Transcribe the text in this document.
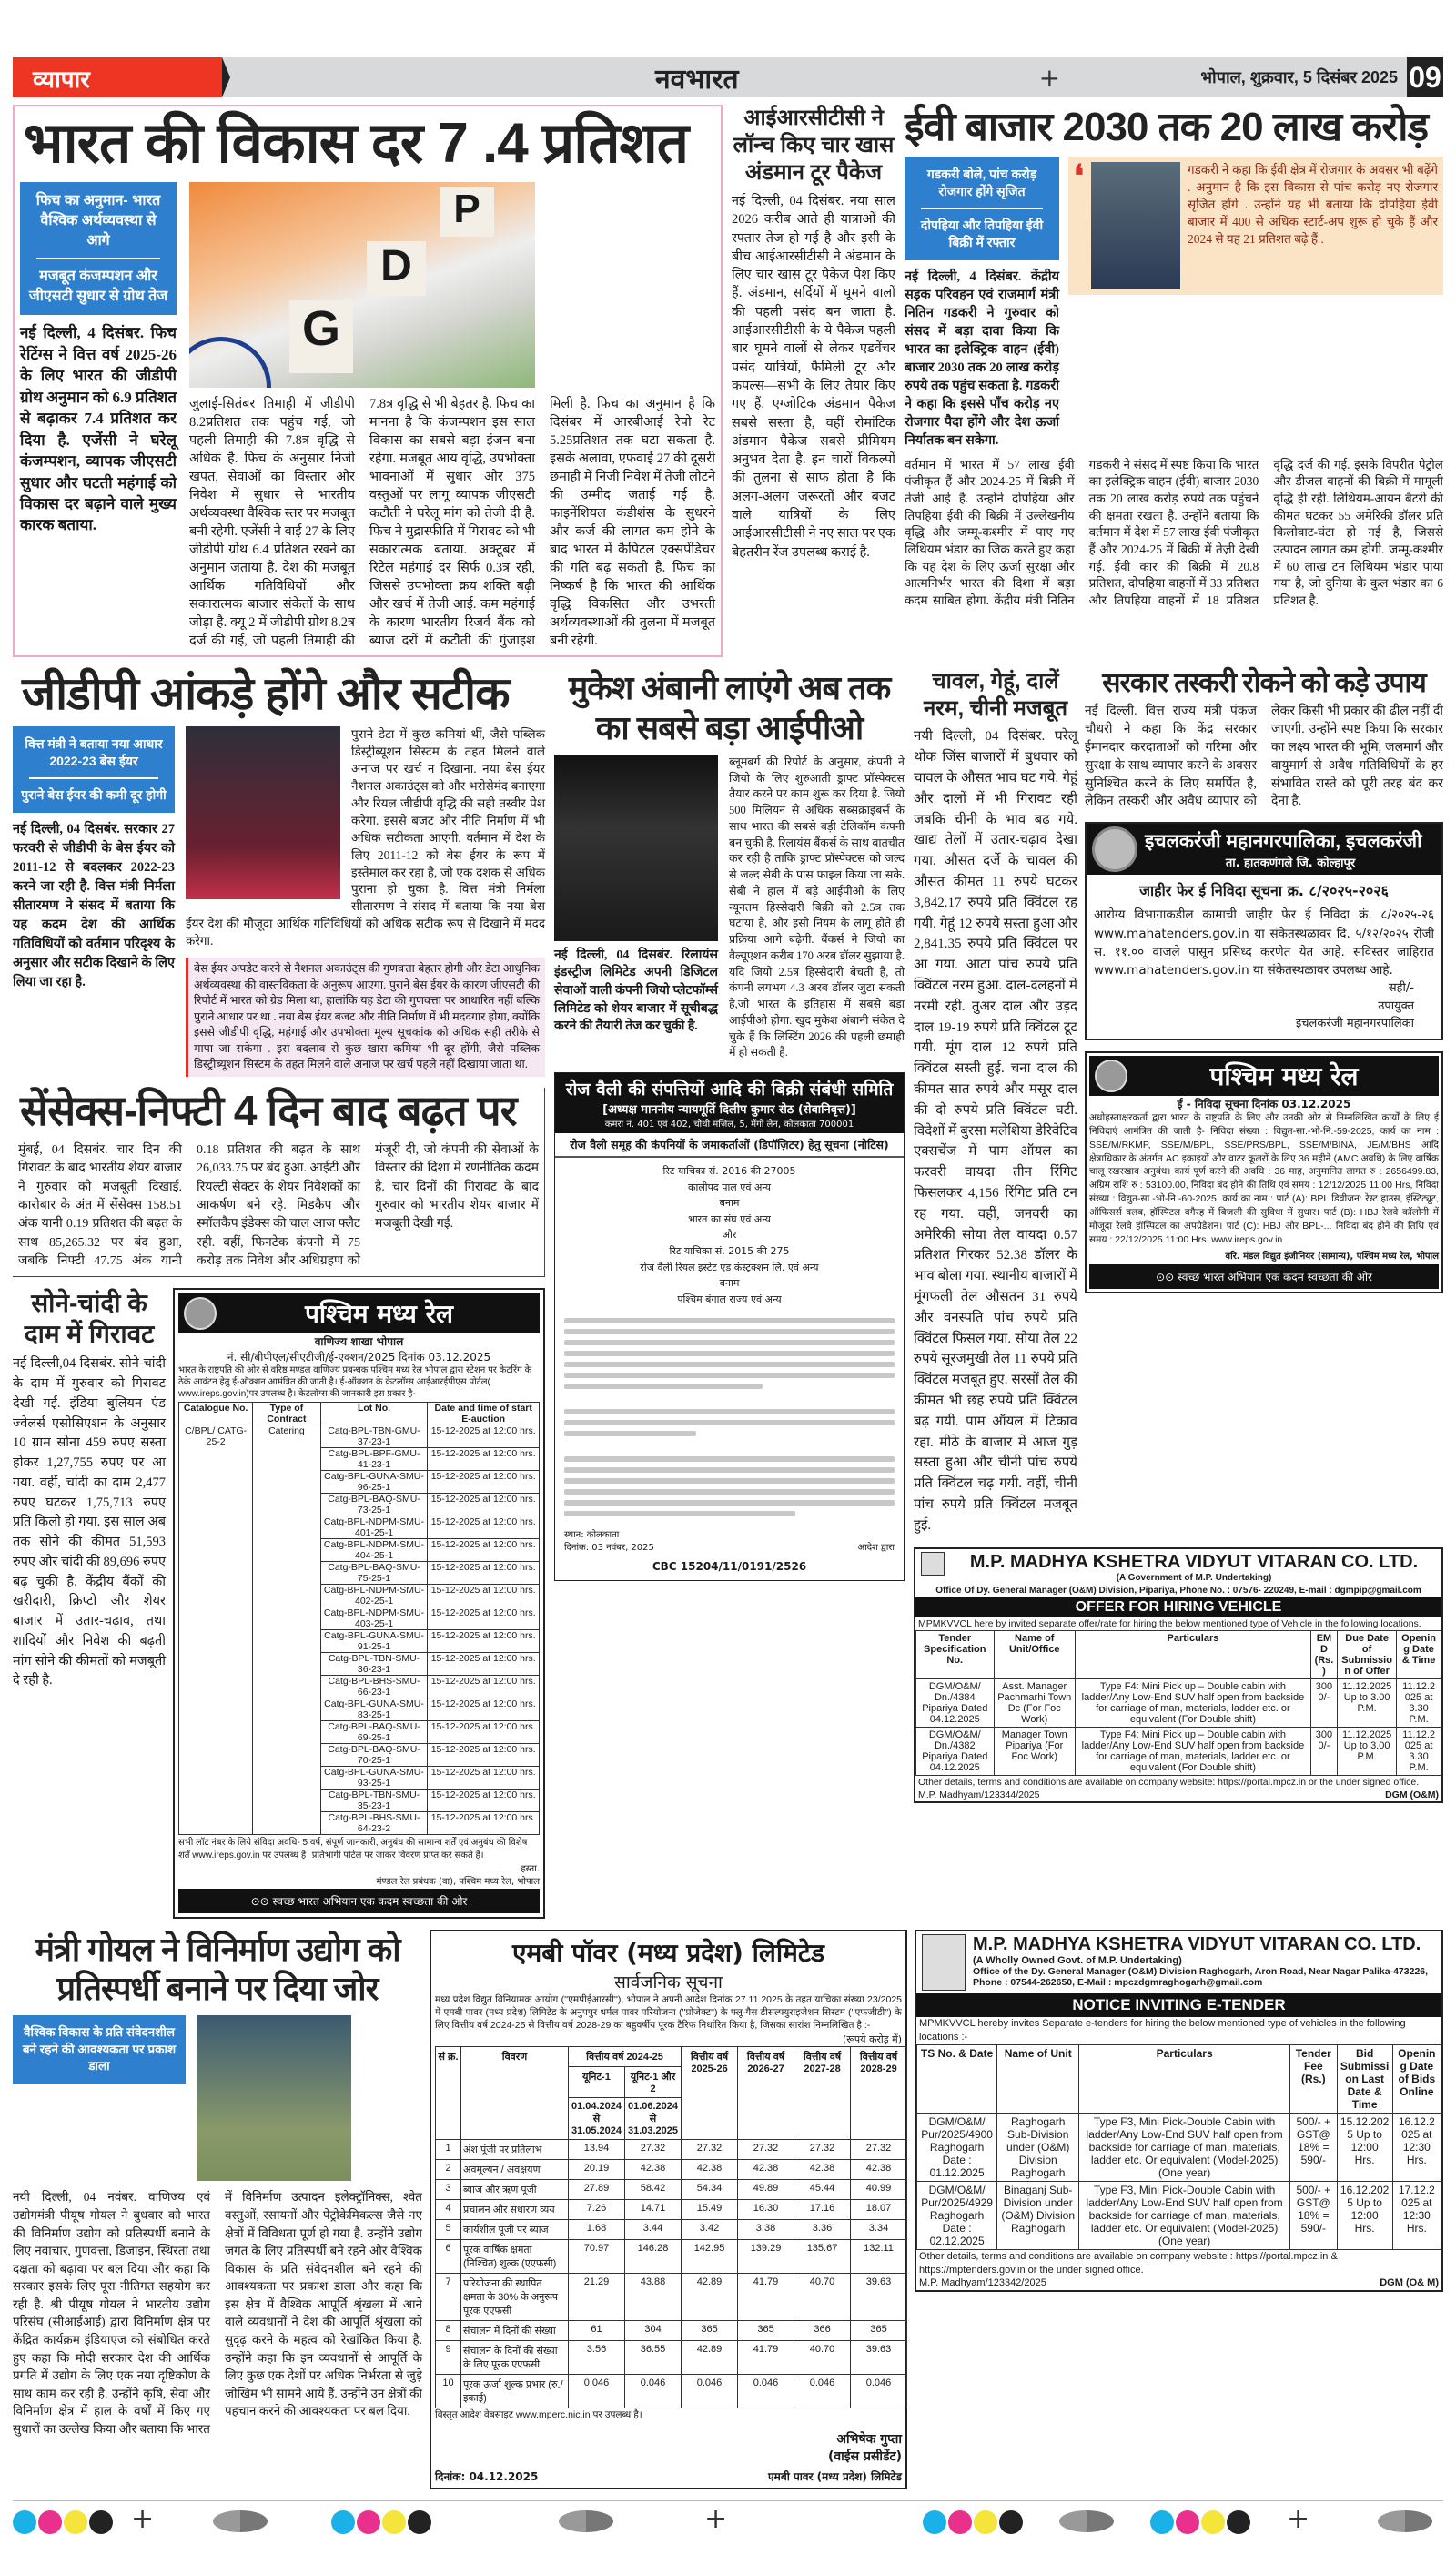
व्यापार	नवभारत	+	भोपाल, शुक्रवार, 5 दिसंबर 2025 09
भारत की विकास दर 7 .4 प्रतिशत
फिच का अनुमान- भारत वैश्विक अर्थव्यवस्था से आगे
मजबूत कंजम्पशन और जीएसटी सुधार से ग्रोथ तेज
नई दिल्ली, 4 दिसंबर. फिच रेटिंग्स ने वित्त वर्ष 2025-26 के लिए भारत की जीडीपी ग्रोथ अनुमान को 6.9 प्रतिशत से बढ़ाकर 7.4 प्रतिशत कर दिया है. एजेंसी ने घरेलू कंजम्पशन, व्यापक जीएसटी सुधार और घटती महंगाई को विकास दर बढ़ाने वाले मुख्य कारक बताया.
G
D
P
जुलाई-सितंबर तिमाही में जीडीपी 8.2प्रतिशत तक पहुंच गई, जो पहली तिमाही की 7.8त्र वृद्धि से अधिक है. फिच के अनुसार निजी खपत, सेवाओं का विस्तार और निवेश में सुधार से भारतीय अर्थव्यवस्था वैश्विक स्तर पर मजबूत बनी रहेगी. एजेंसी ने वाई 27 के लिए जीडीपी ग्रोथ 6.4 प्रतिशत रखने का अनुमान जताया है. देश की मजबूत आर्थिक गतिविधियों और सकारात्मक बाजार संकेतों के साथ जोड़ा है. क्यू 2 में जीडीपी ग्रोथ 8.2त्र दर्ज की गई, जो पहली तिमाही की 7.8त्र वृद्धि से भी बेहतर है. फिच का मानना है कि कंजम्पशन इस साल विकास का सबसे बड़ा इंजन बना रहेगा. मजबूत आय वृद्धि, उपभोक्ता भावनाओं में सुधार और 375 वस्तुओं पर लागू व्यापक जीएसटी कटौती ने घरेलू मांग को तेजी दी है. फिच ने मुद्रास्फीति में गिरावट को भी सकारात्मक बताया. अक्टूबर में रिटेल महंगाई दर सिर्फ 0.3त्र रही, जिससे उपभोक्ता क्रय शक्ति बढ़ी और खर्च में तेजी आई. कम महंगाई के कारण भारतीय रिजर्व बैंक को ब्याज दरों में कटौती की गुंजाइश मिली है. फिच का अनुमान है कि दिसंबर में आरबीआई रेपो रेट 5.25प्रतिशत तक घटा सकता है. इसके अलावा, एफवाई 27 की दूसरी छमाही में निजी निवेश में तेजी लौटने की उम्मीद जताई गई है. फाइनेंशियल कंडीशंस के सुधरने और कर्ज की लागत कम होने के बाद भारत में कैपिटल एक्सपेंडिचर की गति बढ़ सकती है. फिच का निष्कर्ष है कि भारत की आर्थिक वृद्धि विकसित और उभरती अर्थव्यवस्थाओं की तुलना में मजबूत बनी रहेगी.
आईआरसीटीसी ने लॉन्च किए चार खास अंडमान टूर पैकेज
नई दिल्ली, 04 दिसंबर. नया साल 2026 करीब आते ही यात्राओं की रफ्तार तेज हो गई है और इसी के बीच आईआरसीटीसी ने अंडमान के लिए चार खास टूर पैकेज पेश किए हैं. अंडमान, सर्दियों में घूमने वालों की पहली पसंद बन जाता है. आईआरसीटीसी के ये पैकेज पहली बार घूमने वालों से लेकर एडवेंचर पसंद यात्रियों, फैमिली टूर और कपल्स—सभी के लिए तैयार किए गए हैं. एग्जोटिक अंडमान पैकेज सबसे सस्ता है, वहीं रोमांटिक अंडमान पैकेज सबसे प्रीमियम अनुभव देता है. इन चारों विकल्पों की तुलना से साफ होता है कि अलग-अलग जरूरतों और बजट वाले यात्रियों के लिए आईआरसीटीसी ने नए साल पर एक बेहतरीन रेंज उपलब्ध कराई है.
ईवी बाजार 2030 तक 20 लाख करोड़
गडकरी बोले, पांच करोड़ रोजगार होंगे सृजित
दोपहिया और तिपहिया ईवी बिक्री में रफ्तार
नई दिल्ली, 4 दिसंबर. केंद्रीय सड़क परिवहन एवं राजमार्ग मंत्री नितिन गडकरी ने गुरुवार को संसद में बड़ा दावा किया कि भारत का इलेक्ट्रिक वाहन (ईवी) बाजार 2030 तक 20 लाख करोड़ रुपये तक पहुंच सकता है. गडकरी ने कहा कि इससे पाँच करोड़ नए रोजगार पैदा होंगे और देश ऊर्जा निर्यातक बन सकेगा.
❛	गडकरी ने कहा कि ईवी क्षेत्र में रोजगार के अवसर भी बढ़ेंगे . अनुमान है कि इस विकास से पांच करोड़ नए रोजगार सृजित होंगे . उन्होंने यह भी बताया कि दोपहिया ईवी बाजार में 400 से अधिक स्टार्ट-अप शुरू हो चुके हैं और 2024 से यह 21 प्रतिशत बढ़े हैं .
वर्तमान में भारत में 57 लाख ईवी पंजीकृत हैं और 2024-25 में बिक्री में तेजी आई है. उन्होंने दोपहिया और तिपहिया ईवी की बिक्री में उल्लेखनीय वृद्धि और जम्मू-कश्मीर में पाए गए लिथियम भंडार का जिक्र करते हुए कहा कि यह देश के लिए ऊर्जा सुरक्षा और आत्मनिर्भर भारत की दिशा में बड़ा कदम साबित होगा. केंद्रीय मंत्री नितिन गडकरी ने संसद में स्पष्ट किया कि भारत का इलेक्ट्रिक वाहन (ईवी) बाजार 2030 तक 20 लाख करोड़ रुपये तक पहुंचने की क्षमता रखता है. उन्होंने बताया कि वर्तमान में देश में 57 लाख ईवी पंजीकृत हैं और 2024-25 में बिक्री में तेज़ी देखी गई. ईवी कार की बिक्री में 20.8 प्रतिशत, दोपहिया वाहनों में 33 प्रतिशत और तिपहिया वाहनों में 18 प्रतिशत वृद्धि दर्ज की गई. इसके विपरीत पेट्रोल और डीजल वाहनों की बिक्री में मामूली वृद्धि ही रही. लिथियम-आयन बैटरी की कीमत घटकर 55 अमेरिकी डॉलर प्रति किलोवाट-घंटा हो गई है, जिससे उत्पादन लागत कम होगी. जम्मू-कश्मीर में 60 लाख टन लिथियम भंडार पाया गया है, जो दुनिया के कुल भंडार का 6 प्रतिशत है.
जीडीपी आंकड़े होंगे और सटीक
वित्त मंत्री ने बताया नया आधार 2022-23 बेस ईयर
पुराने बेस ईयर की कमी दूर होगी
नई दिल्ली, 04 दिसबंर. सरकार 27 फरवरी से जीडीपी के बेस ईयर को 2011-12 से बदलकर 2022-23 करने जा रही है. वित्त मंत्री निर्मला सीतारमण ने संसद में बताया कि यह कदम देश की आर्थिक गतिविधियों को वर्तमान परिदृश्य के अनुसार और सटीक दिखाने के लिए लिया जा रहा है.
पुराने डेटा में कुछ कमियां थीं, जैसे पब्लिक डिस्ट्रीब्यूशन सिस्टम के तहत मिलने वाले अनाज पर खर्च न दिखाना. नया बेस ईयर नैशनल अकाउंट्स को और भरोसेमंद बनाएगा और रियल जीडीपी वृद्धि की सही तस्वीर पेश करेगा. इससे बजट और नीति निर्माण में भी अधिक सटीकता आएगी. वर्तमान में देश के लिए 2011-12 को बेस ईयर के रूप में इस्तेमाल कर रहा है, जो एक दशक से अधिक पुराना हो चुका है. वित्त मंत्री निर्मला सीतारमण ने संसद में बताया कि नया बेस ईयर देश की मौजूदा आर्थिक गतिविधियों को अधिक सटीक रूप से दिखाने में मदद करेगा.
बेस ईयर अपडेट करने से नैशनल अकाउंट्स की गुणवत्ता बेहतर होगी और डेटा आधुनिक अर्थव्यवस्था की वास्तविकता के अनुरूप आएगा. पुराने बेस ईयर के कारण जीएसटी की रिपोर्ट में भारत को ग्रेड मिला था, हालांकि यह डेटा की गुणवत्ता पर आधारित नहीं बल्कि पुराने आधार पर था . नया बेस ईयर बजट और नीति निर्माण में भी मददगार होगा, क्योंकि इससे जीडीपी वृद्धि, महंगाई और उपभोक्ता मूल्य सूचकांक को अधिक सही तरीके से मापा जा सकेगा . इस बदलाव से कुछ खास कमियां भी दूर होंगी, जैसे पब्लिक डिस्ट्रीब्यूशन सिस्टम के तहत मिलने वाले अनाज पर खर्च पहले नहीं दिखाया जाता था.
सेंसेक्स-निफ्टी 4 दिन बाद बढ़त पर
मुंबई, 04 दिसबंर. चार दिन की गिरावट के बाद भारतीय शेयर बाजार ने गुरुवार को मजबूती दिखाई. कारोबार के अंत में सेंसेक्स 158.51 अंक यानी 0.19 प्रतिशत की बढ़त के साथ 85,265.32 पर बंद हुआ, जबकि निफ्टी 47.75 अंक यानी 0.18 प्रतिशत की बढ़त के साथ 26,033.75 पर बंद हुआ. आईटी और रियल्टी सेक्टर के शेयर निवेशकों का आकर्षण बने रहे. मिडकैप और स्मॉलकैप इंडेक्स की चाल आज फ्लैट रही. वहीं, फिनटेक कंपनी में 75 करोड़ तक निवेश और अधिग्रहण को मंजूरी दी, जो कंपनी की सेवाओं के विस्तार की दिशा में रणनीतिक कदम है. चार दिनों की गिरावट के बाद गुरुवार को भारतीय शेयर बाजार में मजबूती देखी गई.
सोने-चांदी के दाम में गिरावट
नई दिल्ली,04 दिसबंर. सोने-चांदी के दाम में गुरुवार को गिरावट देखी गई. इंडिया बुलियन एंड ज्वेलर्स एसोसिएशन के अनुसार 10 ग्राम सोना 459 रुपए सस्ता होकर 1,27,755 रुपए पर आ गया. वहीं, चांदी का दाम 2,477 रुपए घटकर 1,75,713 रुपए प्रति किलो हो गया. इस साल अब तक सोने की कीमत 51,593 रुपए और चांदी की 89,696 रुपए बढ़ चुकी है. केंद्रीय बैंकों की खरीदारी, क्रिप्टो और शेयर बाजार में उतार-चढ़ाव, तथा शादियों और निवेश की बढ़ती मांग सोने की कीमतों को मजबूती दे रही है.
पश्चिम मध्य रेल
वाणिज्य शाखा भोपाल
नं. सी/बीपीएल/सीएटीजी/ई-एक्शन/2025 दिनांक 03.12.2025
भारत के राष्ट्रपति की ओर से वरिष्ठ मण्डल वाणिज्य प्रबन्धक पश्चिम मध्य रेल भोपाल द्वारा स्टेशन पर केटरिंग के ठेके आवंटन हेतु ई-ऑक्शन आमंत्रित की जाती है। ई-ऑक्शन के केटलॉग्स आईआरईपीएस पोर्टल( www.ireps.gov.in)पर उपलब्ध है। केटलॉग्स की जानकारी इस प्रकार है-
Catalogue No.	Type of Contract	Lot No.	Date and time of start E-auction
C/BPL/ CATG-25-2	Catering	Catg-BPL-TBN-GMU-37-23-1	15-12-2025 at 12:00 hrs.
		Catg-BPL-BPF-GMU-41-23-1	15-12-2025 at 12:00 hrs.
		Catg-BPL-GUNA-SMU-96-25-1	15-12-2025 at 12:00 hrs.
		Catg-BPL-BAQ-SMU-73-25-1	15-12-2025 at 12:00 hrs.
		Catg-BPL-NDPM-SMU-401-25-1	15-12-2025 at 12:00 hrs.
		Catg-BPL-NDPM-SMU-404-25-1	15-12-2025 at 12:00 hrs.
		Catg-BPL-BAQ-SMU-75-25-1	15-12-2025 at 12:00 hrs.
		Catg-BPL-NDPM-SMU-402-25-1	15-12-2025 at 12:00 hrs.
		Catg-BPL-NDPM-SMU-403-25-1	15-12-2025 at 12:00 hrs.
		Catg-BPL-GUNA-SMU-91-25-1	15-12-2025 at 12:00 hrs.
		Catg-BPL-TBN-SMU-36-23-1	15-12-2025 at 12:00 hrs.
		Catg-BPL-BHS-SMU-66-23-1	15-12-2025 at 12:00 hrs.
		Catg-BPL-GUNA-SMU-83-25-1	15-12-2025 at 12:00 hrs.
		Catg-BPL-BAQ-SMU-69-25-1	15-12-2025 at 12:00 hrs.
		Catg-BPL-BAQ-SMU-70-25-1	15-12-2025 at 12:00 hrs.
		Catg-BPL-GUNA-SMU-93-25-1	15-12-2025 at 12:00 hrs.
		Catg-BPL-TBN-SMU-35-23-1	15-12-2025 at 12:00 hrs.
		Catg-BPL-BHS-SMU-64-23-2	15-12-2025 at 12:00 hrs.
सभी लॉट नंबर के लिये संविदा अवधि- 5 वर्ष, संपूर्ण जानकारी, अनुबंध की सामान्य शर्तें एवं अनुबंध की विशेष शर्तें www.ireps.gov.in पर उपलब्ध है। प्रतिभागी पोर्टल पर जाकर विवरण प्राप्त कर सकते हैं।
हस्ता.
मंण्डल रेल प्रबंधक (वा), पश्चिम मध्य रेल, भोपाल
⊙⊙ स्वच्छ भारत अभियान एक कदम स्वच्छता की ओर
मुकेश अंबानी लाएंगे अब तक का सबसे बड़ा आईपीओ
नई दिल्ली, 04 दिसबंर. रिलायंस इंडस्ट्रीज लिमिटेड अपनी डिजिटल सेवाओं वाली कंपनी जियो प्लेटफॉर्म्स लिमिटेड को शेयर बाजार में सूचीबद्ध करने की तैयारी तेज कर चुकी है.
ब्लूमबर्ग की रिपोर्ट के अनुसार, कंपनी ने जियो के लिए शुरुआती ड्राफ्ट प्रॉस्पेक्टस तैयार करने पर काम शुरू कर दिया है. जियो 500 मिलियन से अधिक सब्सक्राइबर्स के साथ भारत की सबसे बड़ी टेलिकॉम कंपनी बन चुकी है. रिलायंस बैंकर्स के साथ बातचीत कर रही है ताकि ड्राफ्ट प्रॉस्पेक्टस को जल्द से जल्द सेबी के पास फाइल किया जा सके. सेबी ने हाल में बड़े आईपीओ के लिए न्यूनतम हिस्सेदारी बिक्री को 2.5त्र तक घटाया है, और इसी नियम के लागू होते ही प्रक्रिया आगे बढ़ेगी. बैंकर्स ने जियो का वैल्यूएशन करीब 170 अरब डॉलर सुझाया है. यदि जियो 2.5त्र हिस्सेदारी बेचती है, तो कंपनी लगभग 4.3 अरब डॉलर जुटा सकती है,जो भारत के इतिहास में सबसे बड़ा आईपीओ होगा. खुद मुकेश अंबानी संकेत दे चुके हैं कि लिस्टिंग 2026 की पहली छमाही में हो सकती है.
रोज वैली की संपत्तियों आदि की बिक्री संबंधी समिति
[अध्यक्ष माननीय न्यायमूर्ति दिलीप कुमार सेठ (सेवानिवृत्त)]
कमरा नं. 401 एवं 402, चौथी मंज़िल, 5, मैंगो लेन, कोलकाता 700001
रोज वैली समूह की कंपनियों के जमाकर्ताओं (डिपॉज़िटर) हेतु सूचना (नोटिस)
रिट याचिका सं. 2016 की 27005
कालीपद पाल एवं अन्य
बनाम
भारत का संघ एवं अन्य
और
रिट याचिका सं. 2015 की 275
रोज वैली रियल इस्टेट एंड कंस्ट्रक्शन लि. एवं अन्य
बनाम
पश्चिम बंगाल राज्य एवं अन्य
स्थान: कोलकाता
दिनांक: 03 नवंबर, 2025	आदेश द्वारा
CBC 15204/11/0191/2526
चावल, गेहूं, दालें नरम, चीनी मजबूत
नयी दिल्ली, 04 दिसंबर. घरेलू थोक जिंस बाजारों में बुधवार को चावल के औसत भाव घट गये. गेहूं और दालों में भी गिरावट रही जबकि चीनी के भाव बढ़ गये. खाद्य तेलों में उतार-चढ़ाव देखा गया. औसत दर्जे के चावल की औसत कीमत 11 रुपये घटकर 3,842.17 रुपये प्रति क्विंटल रह गयी. गेहूं 12 रुपये सस्ता हुआ और 2,841.35 रुपये प्रति क्विंटल पर आ गया. आटा पांच रुपये प्रति क्विंटल नरम हुआ. दाल-दलहनों में नरमी रही. तुअर दाल और उड़द दाल 19-19 रुपये प्रति क्विंटल टूट गयी. मूंग दाल 12 रुपये प्रति क्विंटल सस्ती हुई. चना दाल की कीमत सात रुपये और मसूर दाल की दो रुपये प्रति क्विंटल घटी. विदेशों में बुरसा मलेशिया डेरिवेटिव एक्सचेंज में पाम ऑयल का फरवरी वायदा तीन रिंगिट फिसलकर 4,156 रिंगिट प्रति टन रह गया. वहीं, जनवरी का अमेरिकी सोया तेल वायदा 0.57 प्रतिशत गिरकर 52.38 डॉलर के भाव बोला गया. स्थानीय बाजारों में मूंगफली तेल औसतन 31 रुपये और वनस्पति पांच रुपये प्रति क्विंटल फिसल गया. सोया तेल 22 रुपये सूरजमुखी तेल 11 रुपये प्रति क्विंटल मजबूत हुए. सरसों तेल की कीमत भी छह रुपये प्रति क्विंटल बढ़ गयी. पाम ऑयल में टिकाव रहा. मीठे के बाजार में आज गुड़ सस्ता हुआ और चीनी पांच रुपये प्रति क्विंटल चढ़ गयी. वहीं, चीनी पांच रुपये प्रति क्विंटल मजबूत हुई.
सरकार तस्करी रोकने को कड़े उपाय
नई दिल्ली. वित्त राज्य मंत्री पंकज चौधरी ने कहा कि केंद्र सरकार ईमानदार करदाताओं को गरिमा और सुरक्षा के साथ व्यापार करने के अवसर सुनिश्चित करने के लिए समर्पित है, लेकिन तस्करी और अवैध व्यापार को लेकर किसी भी प्रकार की ढील नहीं दी जाएगी. उन्होंने स्पष्ट किया कि सरकार का लक्ष्य भारत की भूमि, जलमार्ग और वायुमार्ग से अवैध गतिविधियों के हर संभावित रास्ते को पूरी तरह बंद कर देना है.
इचलकरंजी महानगरपालिका, इचलकरंजी
ता. हातकणंगले जि. कोल्हापूर
जाहीर फेर ई निविदा सूचना क्र. ८/२०२५-२०२६
आरोग्य विभागाकडील कामाची जाहीर फेर ई निविदा क्रं. ८/२०२५-२६ www.mahatenders.gov.in या संकेतस्थळावर दि. ५/१२/२०२५ रोजी स. ११.०० वाजले पासून प्रसिध्द करणेत येत आहे. सविस्तर जाहिरात www.mahatenders.gov.in या संकेतस्थळावर उपलब्ध आहे.
सही/-
उपायुक्त
इचलकरंजी महानगरपालिका
पश्चिम मध्य रेल
ई - निविदा सूचना दिनांक 03.12.2025
अधोहस्ताक्षरकर्ता द्वारा भारत के राष्ट्रपति के लिए और उनकी ओर से निम्नलिखित कार्यों के लिए ई निविदाएं आमंत्रित की जाती है- निविदा संख्या : विद्युत-सा.-भो-नि.-59-2025, कार्य का नाम : SSE/M/RKMP, SSE/M/BPL, SSE/PRS/BPL, SSE/M/BINA, JE/M/BHS आदि क्षेत्राधिकार के अंतर्गत AC इकाइयों और वाटर कूलरों के लिए 36 महीने (AMC अवधि) के लिए वार्षिक चालू रखरखाव अनुबंध। कार्य पूर्ण करने की अवधि : 36 माह, अनुमानित लागत रु : 2656499.83, अग्रिम राशि रु : 53100.00, निविदा बंद होने की तिथि एवं समय : 12/12/2025 11:00 Hrs, निविदा संख्या : विद्युत-सा.-भो-नि.-60-2025, कार्य का नाम : पार्ट (A): BPL डिवीजन: रेस्ट हाउस, इंस्टिट्यूट, ऑफिसर्स क्लब, हॉस्पिटल वगैरह में बिजली की सुविधा में सुधार। पार्ट (B): HBJ रेलवे कॉलोनी में मौजूदा रेलवे हॉस्पिटल का अपग्रेडेशन। पार्ट (C): HBJ और BPL-... निविदा बंद होने की तिथि एवं समय : 22/12/2025 11:00 Hrs. www.ireps.gov.in
वरि. मंडल विद्युत इंजीनियर (सामान्य), पश्चिम मध्य रेल, भोपाल
⊙⊙ स्वच्छ भारत अभियान एक कदम स्वच्छता की ओर
M.P. MADHYA KSHETRA VIDYUT VITARAN CO. LTD.
(A Government of M.P. Undertaking)
Office Of Dy. General Manager (O&M) Division, Pipariya, Phone No. : 07576- 220249, E-mail : dgmpip@gmail.com
OFFER FOR HIRING VEHICLE
MPMKVVCL here by invited separate offer/rate for hiring the below mentioned type of Vehicle in the following locations.
Tender Specification No.	Name of Unit/Office	Particulars	EMD (Rs.)	Due Date of Submission of Offer	Opening Date & Time
DGM/O&M/ Dn./4384 Pipariya Dated 04.12.2025	Asst. Manager Pachmarhi Town Dc (For Foc Work)	Type F4: Mini Pick up – Double cabin with ladder/Any Low-End SUV half open from backside for carriage of man, materials, ladder etc. or equivalent (For Double shift)	3000/-	11.12.2025 Up to 3.00 P.M.	11.12.2025 at 3.30 P.M.
DGM/O&M/ Dn./4382 Pipariya Dated 04.12.2025	Manager Town Pipariya (For Foc Work)	Type F4: Mini Pick up – Double cabin with ladder/Any Low-End SUV half open from backside for carriage of man, materials, ladder etc. or equivalent (For Double shift)	3000/-	11.12.2025 Up to 3.00 P.M.	11.12.2025 at 3.30 P.M.
Other details, terms and conditions are available on company website: https://portal.mpcz.in or the under signed office.
M.P. Madhyam/123344/2025	DGM (O&M)
मंत्री गोयल ने विनिर्माण उद्योग को प्रतिस्पर्धी बनाने पर दिया जोर
वैश्विक विकास के प्रति संवेदनशील बने रहने की आवश्यकता पर प्रकाश डाला
नयी दिल्ली, 04 नवंबर. वाणिज्य एवं उद्योगमंत्री पीयूष गोयल ने बुधवार को भारत की विनिर्माण उद्योग को प्रतिस्पर्धी बनाने के लिए नवाचार, गुणवत्ता, डिजाइन, स्थिरता तथा दक्षता को बढ़ावा पर बल दिया और कहा कि सरकार इसके लिए पूरा नीतिगत सहयोग कर रही है. श्री पीयूष गोयल ने भारतीय उद्योग परिसंघ (सीआईआई) द्वारा विनिर्माण क्षेत्र पर केंद्रित कार्यक्रम इंडियाएज को संबोधित करते हुए कहा कि मोदी सरकार देश की आर्थिक प्रगति में उद्योग के लिए एक नया दृष्टिकोण के साथ काम कर रही है. उन्होंने कृषि, सेवा और विनिर्माण क्षेत्र में हाल के वर्षों में किए गए सुधारों का उल्लेख किया और बताया कि भारत में विनिर्माण उत्पादन इलेक्ट्रॉनिक्स, श्वेत वस्तुओं, रसायनों और पेट्रोकेमिकल्स जैसे नए क्षेत्रों में विविधता पूर्ण हो गया है. उन्होंने उद्योग जगत के लिए प्रतिस्पर्धी बने रहने और वैश्विक विकास के प्रति संवेदनशील बने रहने की आवश्यकता पर प्रकाश डाला और कहा कि इस क्षेत्र में वैश्विक आपूर्ति श्रृंखला में आने वाले व्यवधानों ने देश की आपूर्ति श्रृंखला को सुदृढ़ करने के महत्व को रेखांकित किया है. उन्होंने कहा कि इन व्यवधानों से आपूर्ति के लिए कुछ एक देशों पर अधिक निर्भरता से जुड़े जोखिम भी सामने आये हैं. उन्होंने उन क्षेत्रों की पहचान करने की आवश्यकता पर बल दिया.
एमबी पॉवर (मध्य प्रदेश) लिमिटेड
सार्वजनिक सूचना
मध्य प्रदेश विद्युत विनियामक आयोग (''एमपीईआरसी''), भोपाल ने अपनी आदेश दिनांक 27.11.2025 के तहत याचिका संख्या 23/2025 में एमबी पावर (मध्य प्रदेश) लिमिटेड के अनुपपुर थर्मल पावर परियोजना (''प्रोजेक्ट'') के फ्लू-गैस डीसल्फ्युराइजेशन सिस्टम (''एफजीडी'') के लिए वित्तीय वर्ष 2024-25 से वित्तीय वर्ष 2028-29 का बहुवर्षीय पूरक टैरिफ निर्धारित किया है, जिसका सारांश निम्नलिखित है :-
(रूपये करोड़ में)
सं क्र.	विवरण	वित्तीय वर्ष 2024-25		वित्तीय वर्ष 2025-26	वित्तीय वर्ष 2026-27	वित्तीय वर्ष 2027-28	वित्तीय वर्ष 2028-29
		यूनिट-1	यूनिट-1 और 2				
		01.04.2024 से 31.05.2024	01.06.2024 से 31.03.2025				
1	अंश पूंजी पर प्रतिलाभ	13.94	27.32	27.32	27.32	27.32	27.32
2	अवमूल्यन / अवक्षयण	20.19	42.38	42.38	42.38	42.38	42.38
3	ब्याज और ऋण पूंजी	27.89	58.42	54.34	49.89	45.44	40.99
4	प्रचालन और संधारण व्यय	7.26	14.71	15.49	16.30	17.16	18.07
5	कार्यशील पूंजी पर ब्याज	1.68	3.44	3.42	3.38	3.36	3.34
6	पूरक वार्षिक क्षमता (निश्चित) शुल्क (एएफसी)	70.97	146.28	142.95	139.29	135.67	132.11
7	परियोजना की स्थापित क्षमता के 30% के अनुरूप पूरक एएफसी	21.29	43.88	42.89	41.79	40.70	39.63
8	संचालन में दिनों की संख्या	61	304	365	365	366	365
9	संचालन के दिनों की संख्या के लिए पूरक एएफसी	3.56	36.55	42.89	41.79	40.70	39.63
10	पूरक ऊर्जा शुल्क प्रभार (रु./इकाई)	0.046	0.046	0.046	0.046	0.046	0.046
विस्तृत आदेश वेबसाइट www.mperc.nic.in पर उपलब्ध है।
अभिषेक गुप्ता
(वाईस प्रसीडेंट)
दिनांक: 04.12.2025	एमबी पावर (मध्य प्रदेश) लिमिटेड
M.P. MADHYA KSHETRA VIDYUT VITARAN CO. LTD.
(A Wholly Owned Govt. of M.P. Undertaking)
Office of the Dy. General Manager (O&M) Division Raghogarh, Aron Road, Near Nagar Palika-473226, Phone : 07544-262650, E-Mail : mpczdgmraghogarh@gmail.com
NOTICE INVITING E-TENDER
MPMKVVCL hereby invites Separate e-tenders for hiring the below mentioned type of vehicles in the following locations :-
TS No. & Date	Name of Unit	Particulars	Tender Fee (Rs.)	Bid Submission Last Date & Time	Opening Date of Bids Online
DGM/O&M/ Pur/2025/4900 Raghogarh Date : 01.12.2025	Raghogarh Sub-Division under (O&M) Division Raghogarh	Type F3, Mini Pick-Double Cabin with ladder/Any Low-End SUV half open from backside for carriage of man, materials, ladder etc. Or equivalent (Model-2025) (One year)	500/- + GST@ 18% = 590/-	15.12.2025 Up to 12:00 Hrs.	16.12.2025 at 12:30 Hrs.
DGM/O&M/ Pur/2025/4929 Raghogarh Date : 02.12.2025	Binaganj Sub-Division under (O&M) Division Raghogarh	Type F3, Mini Pick-Double Cabin with ladder/Any Low-End SUV half open from backside for carriage of man, materials, ladder etc. Or equivalent (Model-2025) (One year)	500/- + GST@ 18% = 590/-	16.12.2025 Up to 12:00 Hrs.	17.12.2025 at 12:30 Hrs.
Other details, terms and conditions are available on company website : https://portal.mpcz.in & https://mptenders.gov.in or the under signed office.
M.P. Madhyam/123342/2025	DGM (O& M)
+	+	+
